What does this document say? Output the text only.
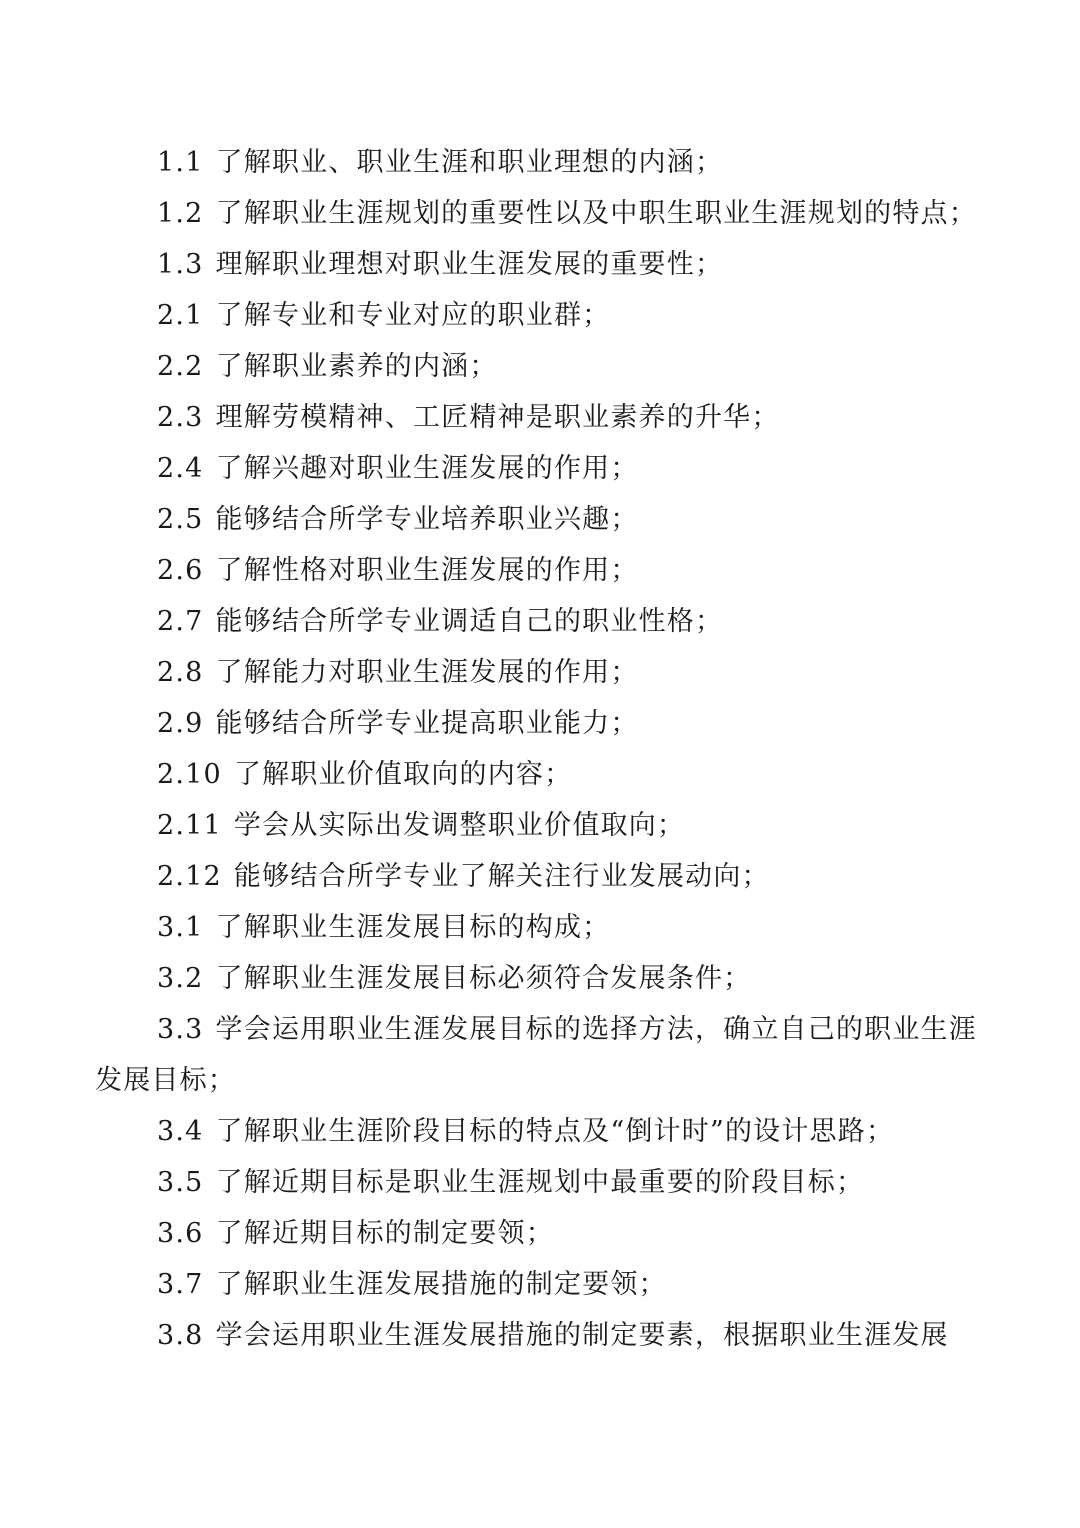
1.1 了解职业、职业生涯和职业理想的内涵；

1.2 了解职业生涯规划的重要性以及中职生职业生涯规划的特点；

1.3 理解职业理想对职业生涯发展的重要性；

2.1 了解专业和专业对应的职业群；

2.2 了解职业素养的内涵；

2.3 理解劳模精神、工匠精神是职业素养的升华；

2.4 了解兴趣对职业生涯发展的作用；

2.5 能够结合所学专业培养职业兴趣；

2.6 了解性格对职业生涯发展的作用；

2.7 能够结合所学专业调适自己的职业性格；

2.8 了解能力对职业生涯发展的作用；

2.9 能够结合所学专业提高职业能力；

2.10 了解职业价值取向的内容；

2.11 学会从实际出发调整职业价值取向；

2.12 能够结合所学专业了解关注行业发展动向；

3.1 了解职业生涯发展目标的构成；

3.2 了解职业生涯发展目标必须符合发展条件；

3.3 学会运用职业生涯发展目标的选择方法，确立自己的职业生涯发展目标；

3.4 了解职业生涯阶段目标的特点及“倒计时”的设计思路；

3.5 了解近期目标是职业生涯规划中最重要的阶段目标；

3.6 了解近期目标的制定要领；

3.7 了解职业生涯发展措施的制定要领；

3.8 学会运用职业生涯发展措施的制定要素，根据职业生涯发展
